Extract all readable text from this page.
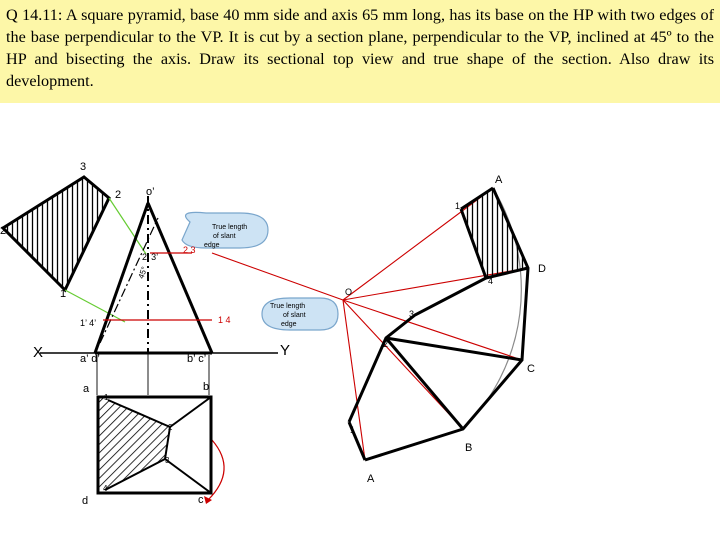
Q 14.11: A square pyramid, base 40 mm side and axis 65 mm long, has its base on the HP with two edges of the base perpendicular to the VP. It is cut by a section plane, perpendicular to the VP, inclined at 45º to the HP and bisecting the axis. Draw its sectional top view and true shape of the section. Also draw its development.
True length
of slant
edge
True length
of slant
edge
X	Y
o’
a’ d’	b’ c’
1’ 4’
2’ 3’
2 3
1 4
45°
3
2
2
1
a	b
c
d
1
2
3
4
O
A
D
C
B
A
1
4
3
2
1
